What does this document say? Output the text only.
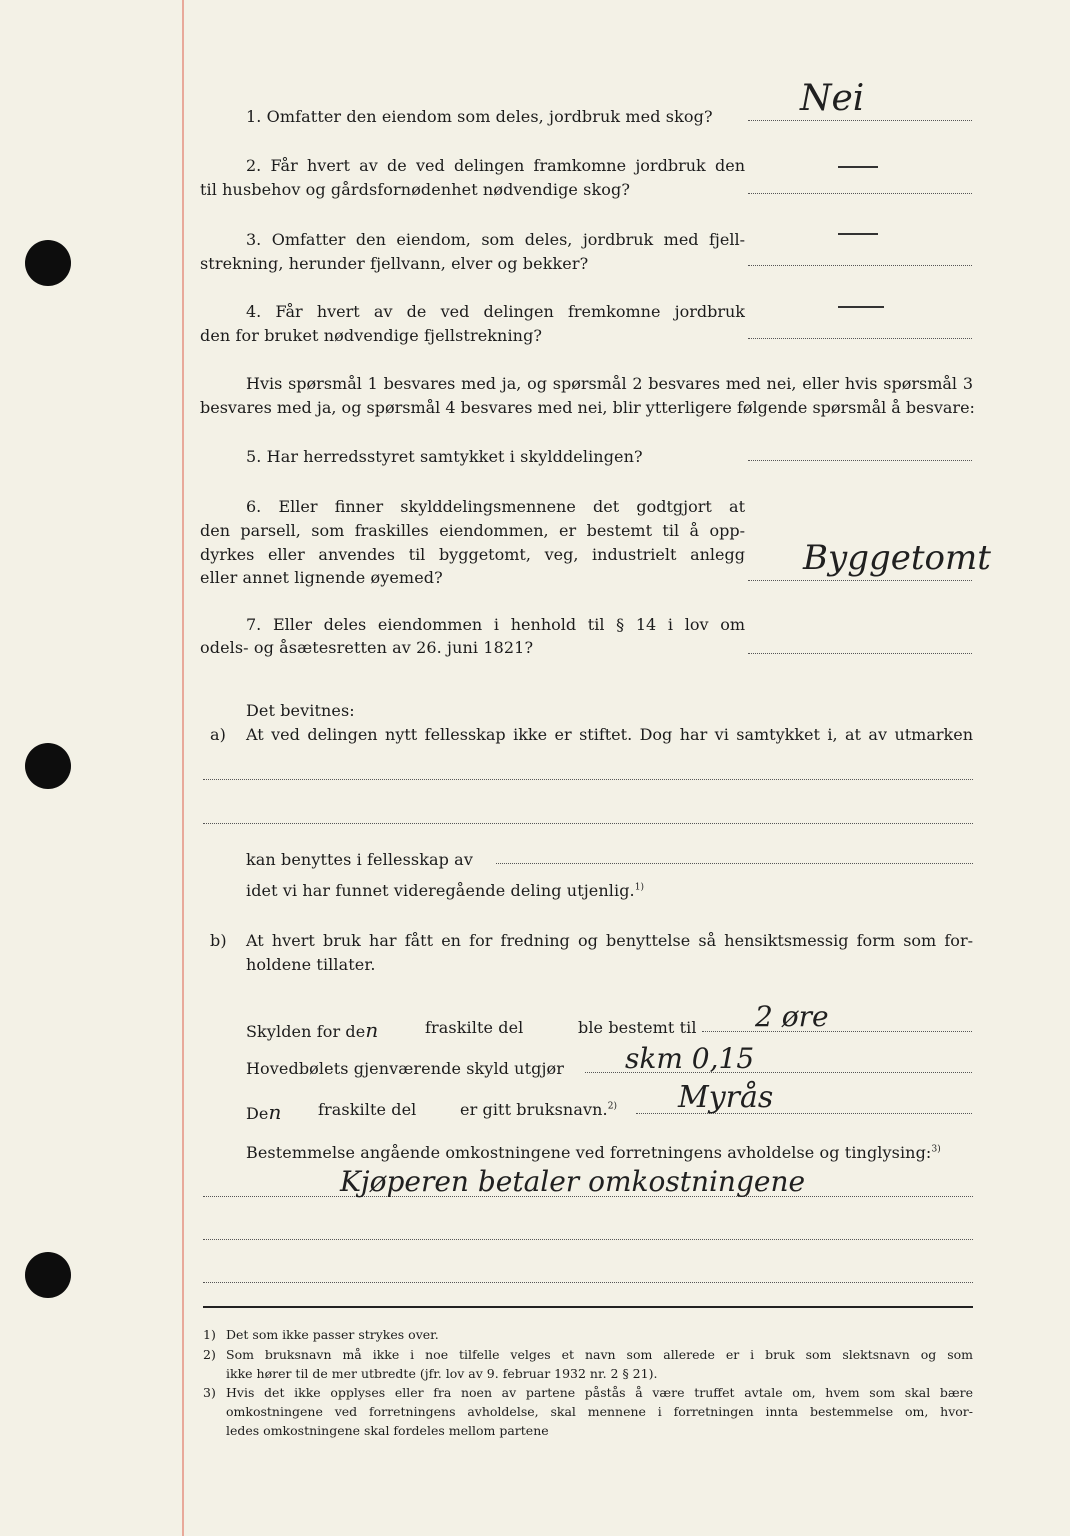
1. Omfatter den eiendom som deles, jordbruk med skog? Nei
2. Får hvert av de ved delingen framkomne jordbruk den
til husbehov og gårdsfornødenhet nødvendige skog?
3. Omfatter den eiendom, som deles, jordbruk med fjell-
strekning, herunder fjellvann, elver og bekker?
4. Får hvert av de ved delingen fremkomne jordbruk
den for bruket nødvendige fjellstrekning?
Hvis spørsmål 1 besvares med ja, og spørsmål 2 besvares med nei, eller hvis spørsmål 3
besvares med ja, og spørsmål 4 besvares med nei, blir ytterligere følgende spørsmål å besvare:
5. Har herredsstyret samtykket i skylddelingen?
6. Eller finner skylddelingsmennene det godtgjort at
den parsell, som fraskilles eiendommen, er bestemt til å opp-
dyrkes eller anvendes til byggetomt, veg, industrielt anlegg
eller annet lignende øyemed?	Byggetomt
7. Eller deles eiendommen i henhold til § 14 i lov om
odels- og åsætesretten av 26. juni 1821?
Det bevitnes:
a) At ved delingen nytt fellesskap ikke er stiftet. Dog har vi samtykket i, at av utmarken
kan benyttes i fellesskap av
idet vi har funnet videregående deling utjenlig.$^{1)}$
b) At hvert bruk har fått en for fredning og benyttelse så hensiktsmessig form som for-
holdene tillater.
Skylden for den	fraskilte del	ble bestemt til 2 øre
Hovedbølets gjenværende skyld utgjør skm 0,15
Den fraskilte del	er gitt bruksnavn.$^{2)}$ Myrås
Bestemmelse angående omkostningene ved forretningens avholdelse og tinglysing:$^{3)}$
Kjøperen betaler omkostningene
1) Det som ikke passer strykes over.
2) Som bruksnavn må ikke i noe tilfelle velges et navn som allerede er i bruk som slektsnavn og som
ikke hører til de mer utbredte (jfr. lov av 9. februar 1932 nr. 2 § 21).
3) Hvis det ikke opplyses eller fra noen av partene påstås å være truffet avtale om, hvem som skal bære
omkostningene ved forretningens avholdelse, skal mennene i forretningen innta bestemmelse om, hvor-
ledes omkostningene skal fordeles mellom partene
